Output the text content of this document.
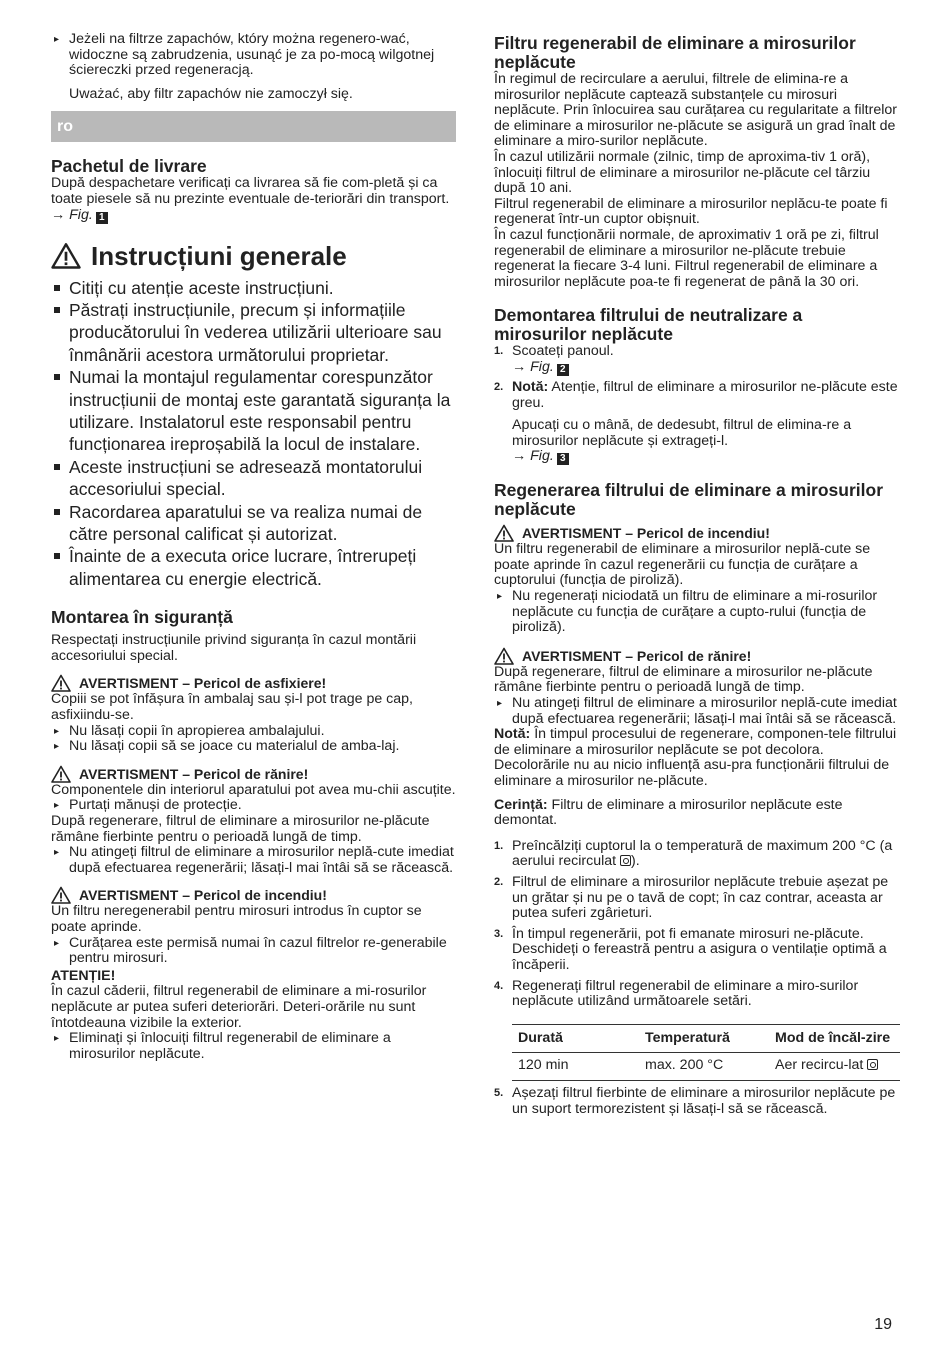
▸ Jeżeli na filtrze zapachów, który można regenero-wać, widoczne są zabrudzenia, usunąć je za po-mocą wilgotnej ściereczki przed regeneracją.

Uważać, aby filtr zapachów nie zamoczył się.

ro
Pachetul de livrare

După despachetare verificați ca livrarea să fie com-pletă și ca toate piesele să nu prezinte eventuale de-teriorări din transport.

→ Fig. 1

Instrucțiuni generale

Citiți cu atenție aceste instrucțiuni.

Păstrați instrucțiunile, precum și informațiile producătorului în vederea utilizării ulterioare sau înmânării acestora următorului proprietar.

Numai la montajul regulamentar corespunzător instrucțiunii de montaj este garantată siguranța la utilizare. Instalatorul este responsabil pentru funcționarea ireproșabilă la locul de instalare.

Aceste instrucțiuni se adresează montatorului accesoriului special.

Racordarea aparatului se va realiza numai de către personal calificat și autorizat.

Înainte de a executa orice lucrare, întrerupeți alimentarea cu energie electrică.

Montarea în siguranță

Respectați instrucțiunile privind siguranța în cazul montării accesoriului special.

AVERTISMENT – Pericol de asfixiere!

Copiii se pot înfășura în ambalaj sau și-l pot trage pe cap, asfixiindu-se.

▸ Nu lăsați copii în apropierea ambalajului.

▸ Nu lăsați copii să se joace cu materialul de amba-laj.

AVERTISMENT – Pericol de rănire!

Componentele din interiorul aparatului pot avea mu-chii ascuțite.

▸ Purtați mănuși de protecție.

După regenerare, filtrul de eliminare a mirosurilor ne-plăcute rămâne fierbinte pentru o perioadă lungă de timp.

▸ Nu atingeți filtrul de eliminare a mirosurilor neplă-cute imediat după efectuarea regenerării; lăsați-l mai întâi să se răcească.

AVERTISMENT – Pericol de incendiu!

Un filtru neregenerabil pentru mirosuri introdus în cuptor se poate aprinde.

▸ Curățarea este permisă numai în cazul filtrelor re-generabile pentru mirosuri.

ATENȚIE!

În cazul căderii, filtrul regenerabil de eliminare a mi-rosurilor neplăcute ar putea suferi deteriorări. Deteri-orările nu sunt întotdeauna vizibile la exterior.

▸ Eliminați și înlocuiți filtrul regenerabil de eliminare a mirosurilor neplăcute.

Filtru regenerabil de eliminare a mirosurilor neplăcute

În regimul de recirculare a aerului, filtrele de elimina-re a mirosurilor neplăcute captează substanțele cu mirosuri neplăcute. Prin înlocuirea sau curățarea cu regularitate a filtrelor de eliminare a mirosurilor ne-plăcute se asigură un grad înalt de eliminare a miro-surilor neplăcute.

În cazul utilizării normale (zilnic, timp de aproxima-tiv 1 oră), înlocuiți filtrul de eliminare a mirosurilor ne-plăcute cel târziu după 10 ani.

Filtrul regenerabil de eliminare a mirosurilor neplăcu-te poate fi regenerat într-un cuptor obișnuit.

În cazul funcționării normale, de aproximativ 1 oră pe zi, filtrul regenerabil de eliminare a mirosurilor ne-plăcute trebuie regenerat la fiecare 3-4 luni. Filtrul regenerabil de eliminare a mirosurilor neplăcute poa-te fi regenerat de până la 30 ori.

Demontarea filtrului de neutralizare a mirosurilor neplăcute
1. Scoateți panoul.

→ Fig. 2

2. Notă: Atenție, filtrul de eliminare a mirosurilor ne-plăcute este greu.

Apucați cu o mână, de dedesubt, filtrul de elimina-re a mirosurilor neplăcute și extrageți-l.

→ Fig. 3

Regenerarea filtrului de eliminare a mirosurilor neplăcute
AVERTISMENT – Pericol de incendiu!

Un filtru regenerabil de eliminare a mirosurilor neplă-cute se poate aprinde în cazul regenerării cu funcția de curățare a cuptorului (funcția de piroliză).

▸ Nu regenerați niciodată un filtru de eliminare a mi-rosurilor neplăcute cu funcția de curățare a cupto-rului (funcția de piroliză).

AVERTISMENT – Pericol de rănire!

După regenerare, filtrul de eliminare a mirosurilor ne-plăcute rămâne fierbinte pentru o perioadă lungă de timp.

▸ Nu atingeți filtrul de eliminare a mirosurilor neplă-cute imediat după efectuarea regenerării; lăsați-l mai întâi să se răcească.

Notă: În timpul procesului de regenerare, componen-tele filtrului de eliminare a mirosurilor neplăcute se pot decolora. Decolorările nu au nicio influență asu-pra funcționării filtrului de eliminare a mirosurilor ne-plăcute.

Cerință: Filtru de eliminare a mirosurilor neplăcute este demontat.

1. Preîncălziți cuptorul la o temperatură de maximum 200 °C (a aerului recirculat ).
2. Filtrul de eliminare a mirosurilor neplăcute trebuie așezat pe un grătar și nu pe o tavă de copt; în caz contrar, aceasta ar putea suferi zgârieturi.
3. În timpul regenerării, pot fi emanate mirosuri ne-plăcute. Deschideți o fereastră pentru a asigura o ventilație optimă a încăperii.
4. Regenerați filtrul regenerabil de eliminare a miro-surilor neplăcute utilizând următoarele setări.
Durată	Temperatură	Mod de încăl-zire
120 min	max. 200 °C	Aer recircu-lat
5. Așezați filtrul fierbinte de eliminare a mirosurilor neplăcute pe un suport termorezistent și lăsați-l să se răcească.
19
